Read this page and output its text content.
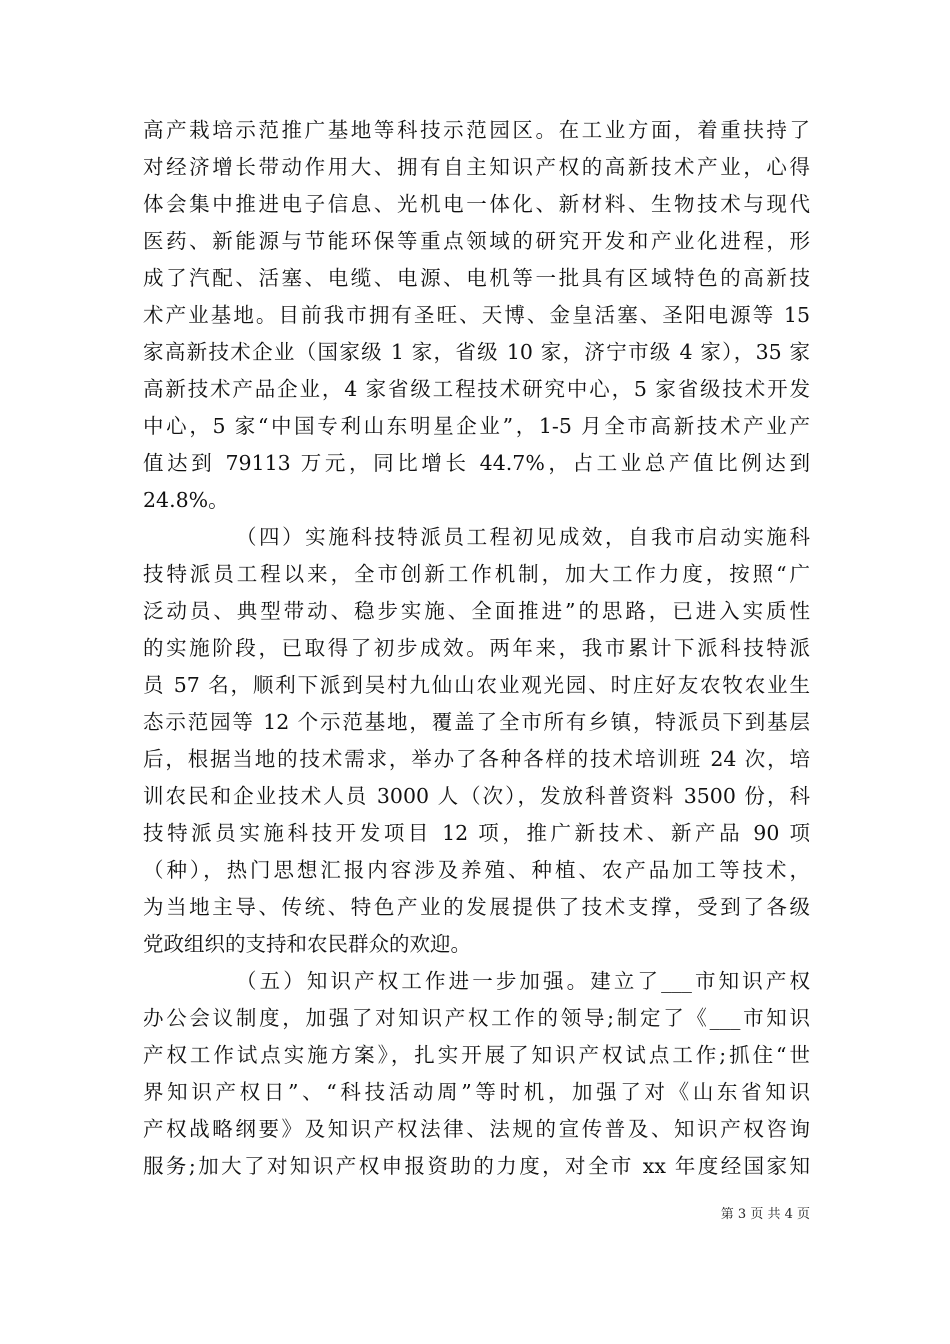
高产栽培示范推广基地等科技示范园区。在工业方面，着重扶持了
对经济增长带动作用大、拥有自主知识产权的高新技术产业，心得
体会集中推进电子信息、光机电一体化、新材料、生物技术与现代
医药、新能源与节能环保等重点领域的研究开发和产业化进程，形
成了汽配、活塞、电缆、电源、电机等一批具有区域特色的高新技
术产业基地。目前我市拥有圣旺、天博、金皇活塞、圣阳电源等 15
家高新技术企业（国家级 1 家，省级 10 家，济宁市级 4 家），35 家
高新技术产品企业，4 家省级工程技术研究中心，5 家省级技术开发
中心，5 家“中国专利山东明星企业”，1-5 月全市高新技术产业产
值达到 79113 万元，同比增长 44.7%，占工业总产值比例达到
24.8%。
（四）实施科技特派员工程初见成效，自我市启动实施科
技特派员工程以来，全市创新工作机制，加大工作力度，按照“广
泛动员、典型带动、稳步实施、全面推进”的思路，已进入实质性
的实施阶段，已取得了初步成效。两年来，我市累计下派科技特派
员 57 名，顺利下派到吴村九仙山农业观光园、时庄好友农牧农业生
态示范园等 12 个示范基地，覆盖了全市所有乡镇，特派员下到基层
后，根据当地的技术需求，举办了各种各样的技术培训班 24 次，培
训农民和企业技术人员 3000 人（次），发放科普资料 3500 份，科
技特派员实施科技开发项目 12 项，推广新技术、新产品 90 项
（种），热门思想汇报内容涉及养殖、种植、农产品加工等技术，
为当地主导、传统、特色产业的发展提供了技术支撑，受到了各级
党政组织的支持和农民群众的欢迎。
（五）知识产权工作进一步加强。建立了___市知识产权
办公会议制度，加强了对知识产权工作的领导;制定了《___市知识
产权工作试点实施方案》，扎实开展了知识产权试点工作;抓住“世
界知识产权日”、“科技活动周”等时机，加强了对《山东省知识
产权战略纲要》及知识产权法律、法规的宣传普及、知识产权咨询
服务;加大了对知识产权申报资助的力度，对全市 xx 年度经国家知
第 3 页 共 4 页
